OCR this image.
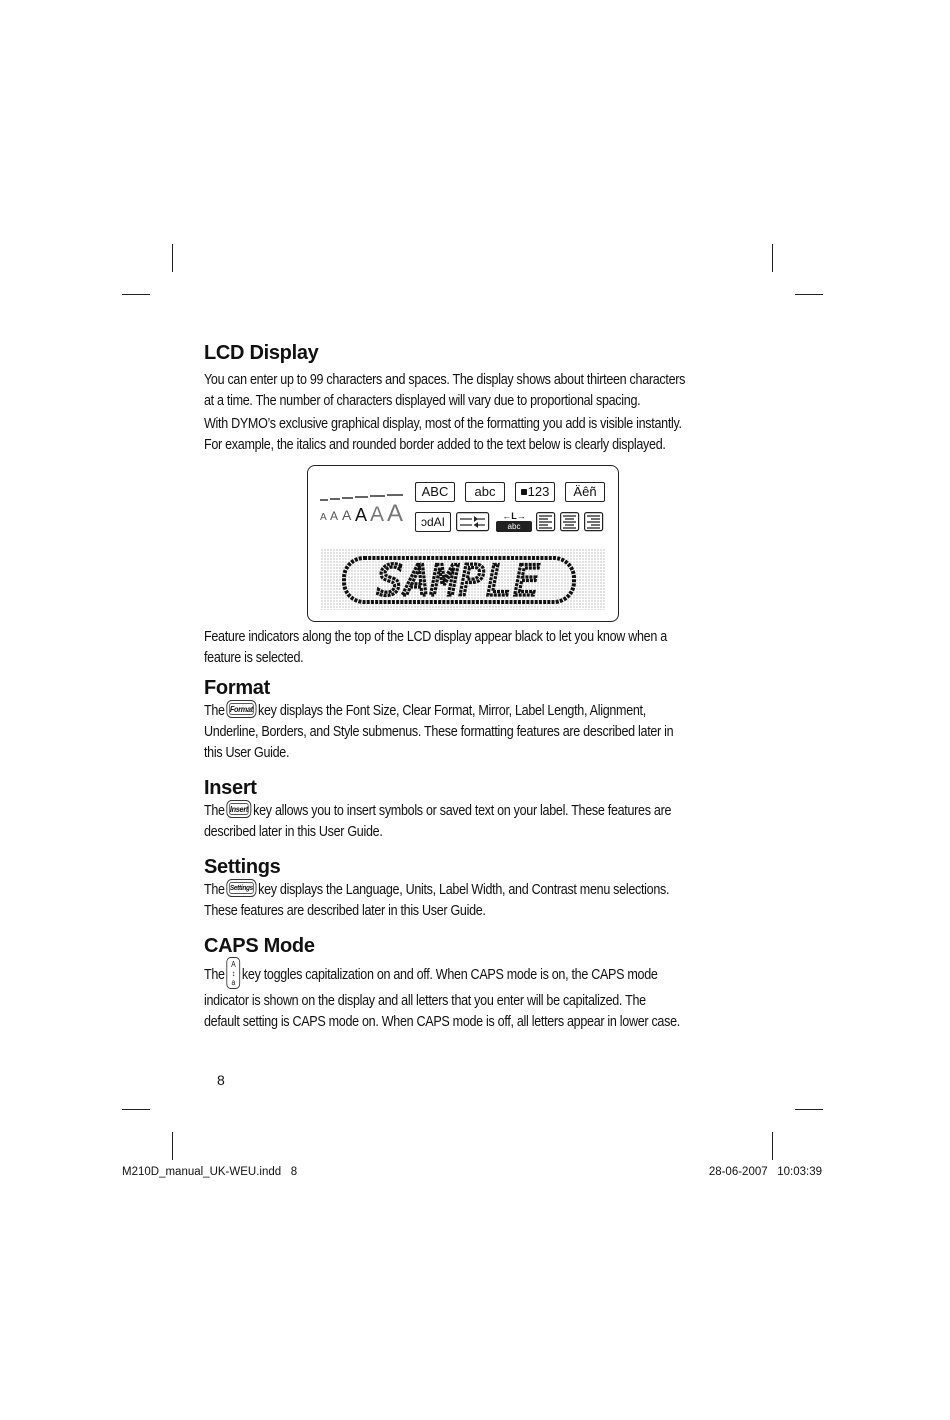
LCD Display

You can enter up to 99 characters and spaces. The display shows about thirteen characters
at a time. The number of characters displayed will vary due to proportional spacing.

With DYMO’s exclusive graphical display, most of the formatting you add is visible instantly.
For example, the italics and rounded border added to the text below is clearly displayed.

A A A A A A
ABC	abc	123	Äêñ
ɔdAI	←L→
abc
SAMPLE

Feature indicators along the top of the LCD display appear black to let you know when a
feature is selected.

Format

The Format key displays the Font Size, Clear Format, Mirror, Label Length, Alignment,
Underline, Borders, and Style submenus. These formatting features are described later in
this User Guide.

Insert

The Insert key allows you to insert symbols or saved text on your label. These features are
described later in this User Guide.

Settings

The Settings key displays the Language, Units, Label Width, and Contrast menu selections.
These features are described later in this User Guide.

CAPS Mode

The
A
↕
a key toggles capitalization on and off. When CAPS mode is on, the CAPS mode
indicator is shown on the display and all letters that you enter will be capitalized. The
default setting is CAPS mode on. When CAPS mode is off, all letters appear in lower case.

8
M210D_manual_UK-WEU.indd   8	28-06-2007   10:03:39
